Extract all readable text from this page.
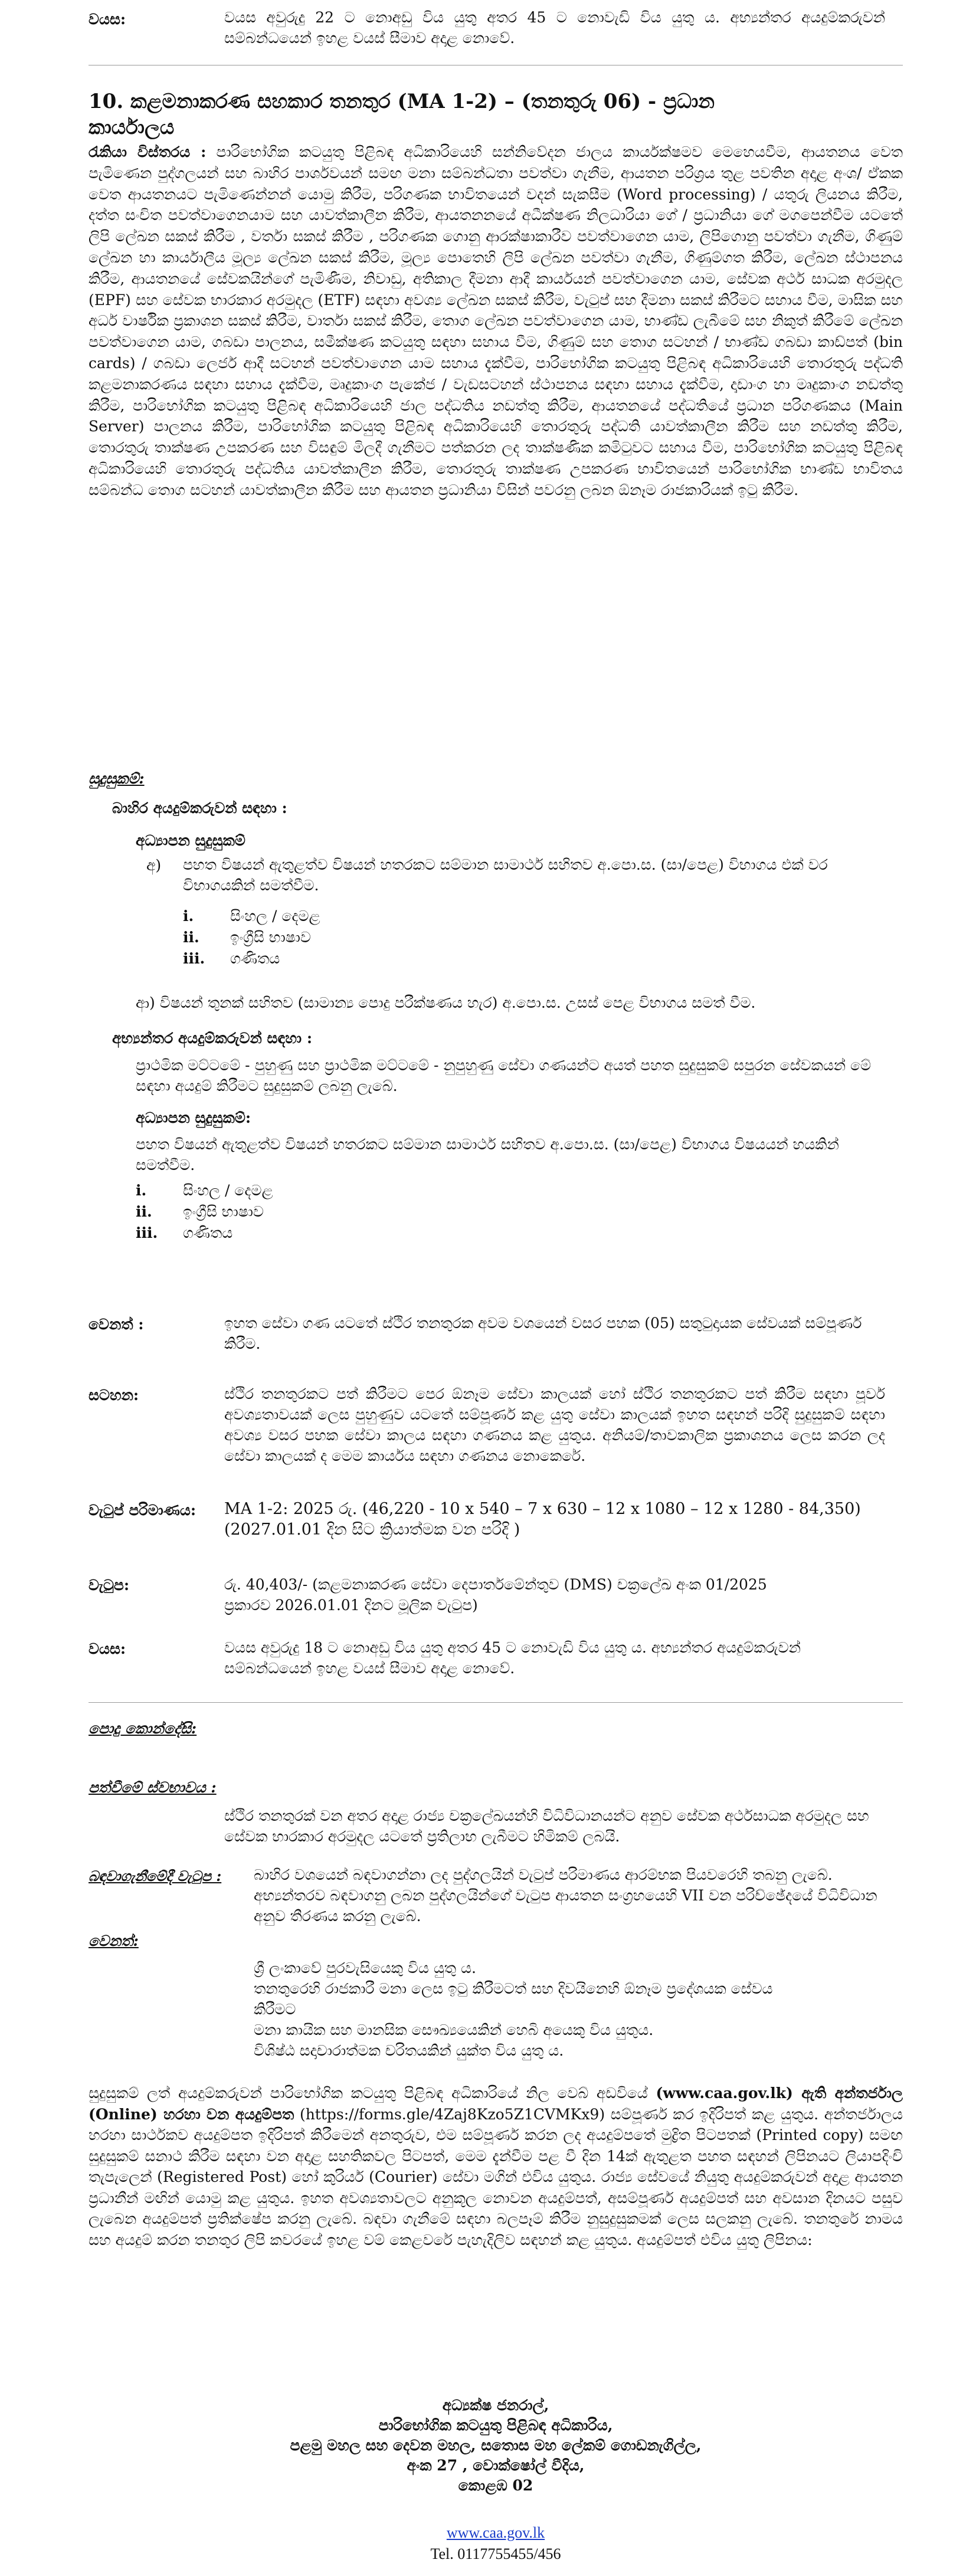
වයස:	වයස අවුරුදු 22 ට නොඅඩු විය යුතු අතර 45 ට නොවැඩි විය යුතු ය. අභ්‍යන්තර අයදුම්කරුවන් සම්බන්ධයෙන් ඉහළ වයස් සීමාව අදාළ නොවේ.
10. කළමනාකරණ සහකාර තනතුර (MA 1-2) – (තනතුරු 06) - ප්‍රධාන
කාර්යාලය
රැකියා විස්තරය : පාරිභෝගික කටයුතු පිළිබඳ අධිකාරියෙහි සන්නිවේදන ජාලය කාර්යක්ෂමව මෙහෙයවීම, ආයතනය වෙත පැමිණෙන පුද්ගලයන් සහ බාහිර පාර්ශවයන් සමඟ මනා සම්බන්ධතා පවත්වා ගැනීම, ආයතන පරිශ්‍රය තුළ පවතින අදාළ අංශ/ ඒකක වෙත ආයතනයට පැමිණෙන්නන් යොමු කිරීම, පරිගණක භාවිතයෙන් වදන් සැකසීම (Word processing) / යතුරු ලියනය කිරීම, දත්ත සංචිත පවත්වාගෙනයාම සහ යාවත්කාලීන කිරීම, ආයතනනයේ අධීක්ෂණ නිලධාරියා ගේ / ප්‍රධානියා ගේ මගපෙන්වීම යටතේ ලිපි ලේඛන සකස් කිරීම , වර්තා සකස් කිරීම , පරිගණක ගොනු ආරක්ෂාකාරීව පවත්වාගෙන යාම, ලිපිගොනු පවත්වා ගැනීම, ගිණුම් ලේඛන හා කාර්යාලීය මූල්‍ය ලේඛන සකස් කිරීම, මූල්‍ය පොතෙහි ලිපි ලේඛන පවත්වා ගැනීම, ගිණුම්ගත කිරීම, ලේඛන ස්ථාපනය කිරීම, ආයතනයේ සේවකයින්ගේ පැමිණීම, නිවාඩු, අතිකාල දීමනා ආදී කාර්යයන් පවත්වාගෙන යාම, සේවක අර්ථ සාධක අරමුදල (EPF) සහ සේවක භාරකාර අරමුදල (ETF) සඳහා අවශ්‍ය ලේඛන සකස් කිරීම, වැටුප් සහ දීමනා සකස් කිරීමට සහාය වීම, මාසික සහ අර්ධ වාර්ෂික ප්‍රකාශන සකස් කිරීම, වාර්තා සකස් කිරීම, තොග ලේඛන පවත්වාගෙන යාම, භාණ්ඩ ලැබීමේ සහ නිකුත් කිරීමේ ලේඛන පවත්වාගෙන යාම, ගබඩා පාලනය, සමීක්ෂණ කටයුතු සඳහා සහාය වීම, ගිණුම් සහ තොග සටහන් / භාණ්ඩ ගබඩා කාඩ්පත් (bin cards) / ගබඩා ලෙජර් ආදී සටහන් පවත්වාගෙන යාම සහාය දැක්වීම, පාරිභෝගික කටයුතු පිළිබඳ අධිකාරියෙහි තොරතුරු පද්ධති කළමනාකරණය සඳහා සහාය දැක්වීම, මෘදුකාංග පැකේජ / වැඩසටහන් ස්ථාපනය සඳහා සහාය දැක්වීම, දෘඩාංග හා මෘදුකාංග නඩත්තු කිරීම, පාරිභෝගික කටයුතු පිළිබඳ අධිකාරියෙහි ජාල පද්ධතිය නඩත්තු කිරීම, ආයතනයේ පද්ධතියේ ප්‍රධාන පරිගණකය (Main Server) පාලනය කිරීම, පාරිභෝගික කටයුතු පිළිබඳ අධිකාරියෙහි තොරතුරු පද්ධති යාවත්කාලීන කිරීම සහ නඩත්තු කිරීම, තොරතුරු තාක්ෂණ උපකරණ සහ විසඳුම් මිලදී ගැනීමට පත්කරන ලද තාක්ෂණික කමිටුවට සහාය වීම, පාරිභෝගික කටයුතු පිළිබඳ අධිකාරියෙහි තොරතුරු පද්ධතිය යාවත්කාලීන කිරීම, තොරතුරු තාක්ෂණ උපකරණ භාවිතයෙන් පාරිභෝගික භාණ්ඩ භාවිතය සම්බන්ධ තොග සටහන් යාවත්කාලීන කිරීම සහ ආයතන ප්‍රධානියා විසින් පවරනු ලබන ඕනෑම රාජකාරියක් ඉටු කිරීම.
සුදුසුකම්:
බාහිර අයදුම්කරුවන් සඳහා :
අධ්‍යාපන සුදුසුකම්
අ) පහත විෂයන් ඇතුළත්ව විෂයන් හතරකට සම්මාන සාමාර්ථ සහිතව අ.පො.ස. (සා/පෙළ) විභාගය එක් වර විභාගයකින් සමත්වීම.
i.	සිංහල / දෙමළ
ii.	ඉංග්‍රීසි භාෂාව
iii.	ගණිතය
ආ) විෂයන් තුනක් සහිතව (සාමාන්‍ය පොදු පරීක්ෂණය හැර) අ.පො.ස. උසස් පෙළ විභාගය සමත් වීම.
අභ්‍යන්තර අයදුම්කරුවන් සඳහා :
ප්‍රාථමික මට්ටමේ - පුහුණු සහ ප්‍රාථමික මට්ටමේ - නුපුහුණු සේවා ගණයන්ට අයත් පහත සුදුසුකම් සපුරන සේවකයන් මේ සඳහා අයදුම් කිරීමට සුදුසුකම් ලබනු ලැබේ.
අධ්‍යාපන සුදුසුකම්:
පහත විෂයන් ඇතුළත්ව විෂයන් හතරකට සම්මාන සාමාර්ථ සහිතව අ.පො.ස. (සා/පෙළ) විභාගය විෂයයන් හයකින් සමත්වීම.
i.	සිංහල / දෙමළ
ii.	ඉංග්‍රීසි භාෂාව
iii.	ගණිතය
වෙනත් :	ඉහත සේවා ගණ යටතේ ස්ථිර තනතුරක අවම වශයෙන් වසර පහක (05) සතුටුදායක සේවයක් සම්පූර්ණ කිරීම.
සටහන:	ස්ථිර තනතුරකට පත් කිරීමට පෙර ඕනෑම සේවා කාලයක් හෝ ස්ථිර තනතුරකට පත් කිරීම සඳහා පූර්ව අවශ්‍යතාවයක් ලෙස පුහුණුව යටතේ සම්පූර්ණ කළ යුතු සේවා කාලයක් ඉහත සඳහන් පරිදි සුදුසුකම් සඳහා අවශ්‍ය වසර පහක සේවා කාලය සඳහා ගණනය කළ යුතුය. අනියම්/තාවකාලික ප්‍රකාශනය ලෙස කරන ලද සේවා කාලයක් ද මෙම කාර්යය සඳහා ගණනය නොකෙරේ.
වැටුප් පරිමාණය: MA 1-2: 2025 රු. (46,220 - 10 x 540 – 7 x 630 – 12 x 1080 – 12 x 1280 - 84,350)
(2027.01.01 දින සිට ක්‍රියාත්මක වන පරිදි )
වැටුප:	රු. 40,403/- (කළමනාකරණ සේවා දෙපාර්තමේන්තුව (DMS) චක්‍රලේඛ අංක 01/2025
ප්‍රකාරව 2026.01.01 දිනට මූලික වැටුප)
වයස:	වයස අවුරුදු 18 ට නොඅඩු විය යුතු අතර 45 ට නොවැඩි විය යුතු ය. අභ්‍යන්තර අයදුම්කරුවන් සම්බන්ධයෙන් ඉහළ වයස් සීමාව අදාළ නොවේ.
පොදු කොන්දේසි:
පත්වීමේ ස්වභාවය :
ස්ථිර තනතුරක් වන අතර අදාළ රාජ්‍ය චක්‍රලේඛයන්හි විධිවිධානයන්ට අනුව සේවක අර්ථසාධක අරමුදල සහ සේවක භාරකාර අරමුදල යටතේ ප්‍රතිලාභ ලැබීමට හිමිකම් ලබයි.
බඳවාගැනීමේදී වැටුප : බාහිර වශයෙන් බඳවාගන්නා ලද පුද්ගලයින් වැටුප් පරිමාණය ආරම්භක පියවරෙහි තබනු ලැබේ. අභ්‍යන්තරව බඳවාගනු ලබන පුද්ගලයින්ගේ වැටුප ආයතන සංග්‍රහයෙහි VII වන පරිච්ඡේදයේ විධිවිධාන අනුව තීරණය කරනු ලැබේ.
වෙනත්:
ශ්‍රී ලංකාවේ පුරවැසියෙකු විය යුතු ය.
තනතුරෙහි රාජකාරී මනා ලෙස ඉටු කිරීමටත් සහ දිවයිනෙහි ඕනෑම ප්‍රදේශයක සේවය
කිරීමට
මනා කායික සහ මානසික සෞඛ්‍යයෙකින් හෙබි අයෙකු විය යුතුය.
විශිෂ්ඨ සදාචාරාත්මක චරිතයකින් යුක්ත විය යුතු ය.
සුදුසුකම් ලත් අයදුම්කරුවන් පාරිභෝගික කටයුතු පිළිබඳ අධිකාරියේ නිල වෙබ් අඩවියේ (www.caa.gov.lk) ඇති අන්තර්ජාල (Online) හරහා වන අයදුම්පත (https://forms.gle/4Zaj8Kzo5Z1CVMKx9) සම්පූර්ණ කර ඉදිරිපත් කළ යුතුය. අන්තර්ජාලය හරහා සාර්ථකව අයදුම්පත ඉදිරිපත් කිරීමෙන් අනතුරුව, එම සම්පූර්ණ කරන ලද අයදුම්පතේ මුද්‍රිත පිටපතක් (Printed copy) සමඟ සුදුසුකම් සනාථ කිරීම සඳහා වන අදාළ සහතිකවල පිටපත්, මෙම දැන්වීම පළ වී දින 14ක් ඇතුළත පහත සඳහන් ලිපිනයට ලියාපදිංචි තැපැලෙන් (Registered Post) හෝ කුරියර් (Courier) සේවා මගින් එවිය යුතුය. රාජ්‍ය සේවයේ නියුතු අයදුම්කරුවන් අදාළ ආයතන ප්‍රධානීන් මඟින් යොමු කළ යුතුය. ඉහත අවශ්‍යතාවලට අනුකූල නොවන අයදුම්පත්, අසම්පූර්ණ අයදුම්පත් සහ අවසාන දිනයට පසුව ලැබෙන අයදුම්පත් ප්‍රතික්ෂේප කරනු ලැබේ. බඳවා ගැනීමේ සඳහා බලපෑම් කිරීම නුසුදුසුකමක් ලෙස සලකනු ලැබේ. තනතුරේ නාමය සහ අයදුම් කරන තනතුර ලිපි කවරයේ ඉහළ වම් කෙළවරේ පැහැදිලිව සඳහන් කළ යුතුය. අයදුම්පත් එවිය යුතු ලිපිනය:
අධ්‍යක්ෂ ජනරාල්,
පාරිභෝගික කටයුතු පිළිබඳ අධිකාරිය,
පළමු මහල සහ දෙවන මහල, සතොස මහ ලේකම් ගොඩනැගිල්ල,
අංක 27 , වොක්ෂෝල් වීදිය,
කොළඹ 02
www.caa.gov.lk
Tel. 0117755455/456
